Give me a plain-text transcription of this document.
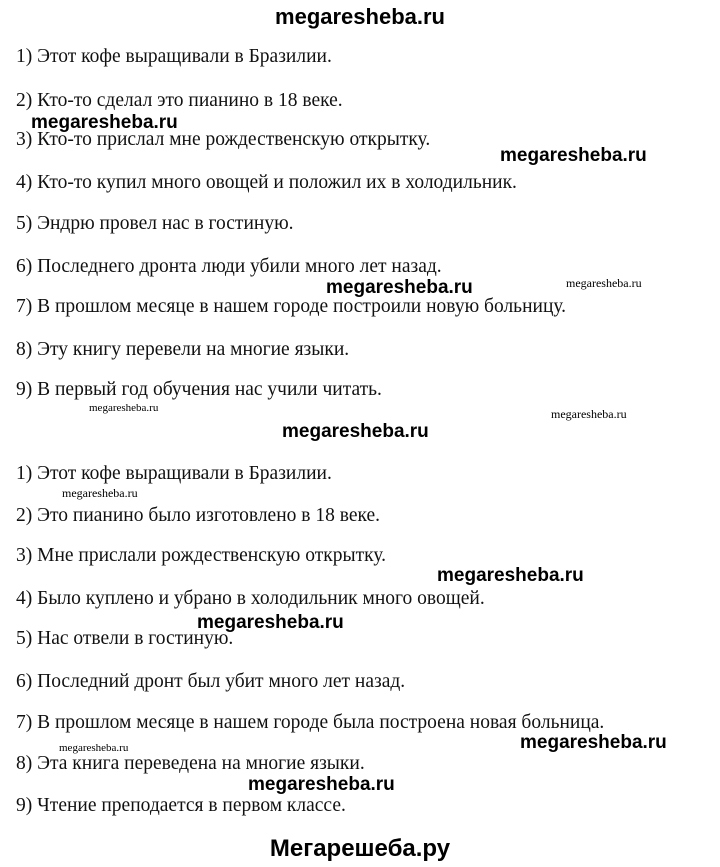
megaresheba.ru
1) Этот кофе выращивали в Бразилии.
2) Кто-то сделал это пианино в 18 веке.
3) Кто-то прислал мне рождественскую открытку.
4) Кто-то купил много овощей и положил их в холодильник.
5) Эндрю провел нас в гостиную.
6) Последнего дронта люди убили много лет назад.
7) В прошлом месяце в нашем городе построили новую больницу.
8) Эту книгу перевели на многие языки.
9) В первый год обучения нас учили читать.
1) Этот кофе выращивали в Бразилии.
2) Это пианино было изготовлено в 18 веке.
3) Мне прислали рождественскую открытку.
4) Было куплено и убрано в холодильник много овощей.
5) Нас отвели в гостиную.
6) Последний дронт был убит много лет назад.
7) В прошлом месяце в нашем городе была построена новая больница.
8) Эта книга переведена на многие языки.
9) Чтение преподается в первом классе.
megaresheba.ru
megaresheba.ru
megaresheba.ru	megaresheba.ru
megaresheba.ru	megaresheba.ru
megaresheba.ru
megaresheba.ru
megaresheba.ru
megaresheba.ru
megaresheba.ru	megaresheba.ru
megaresheba.ru
Мегарешеба.ру
